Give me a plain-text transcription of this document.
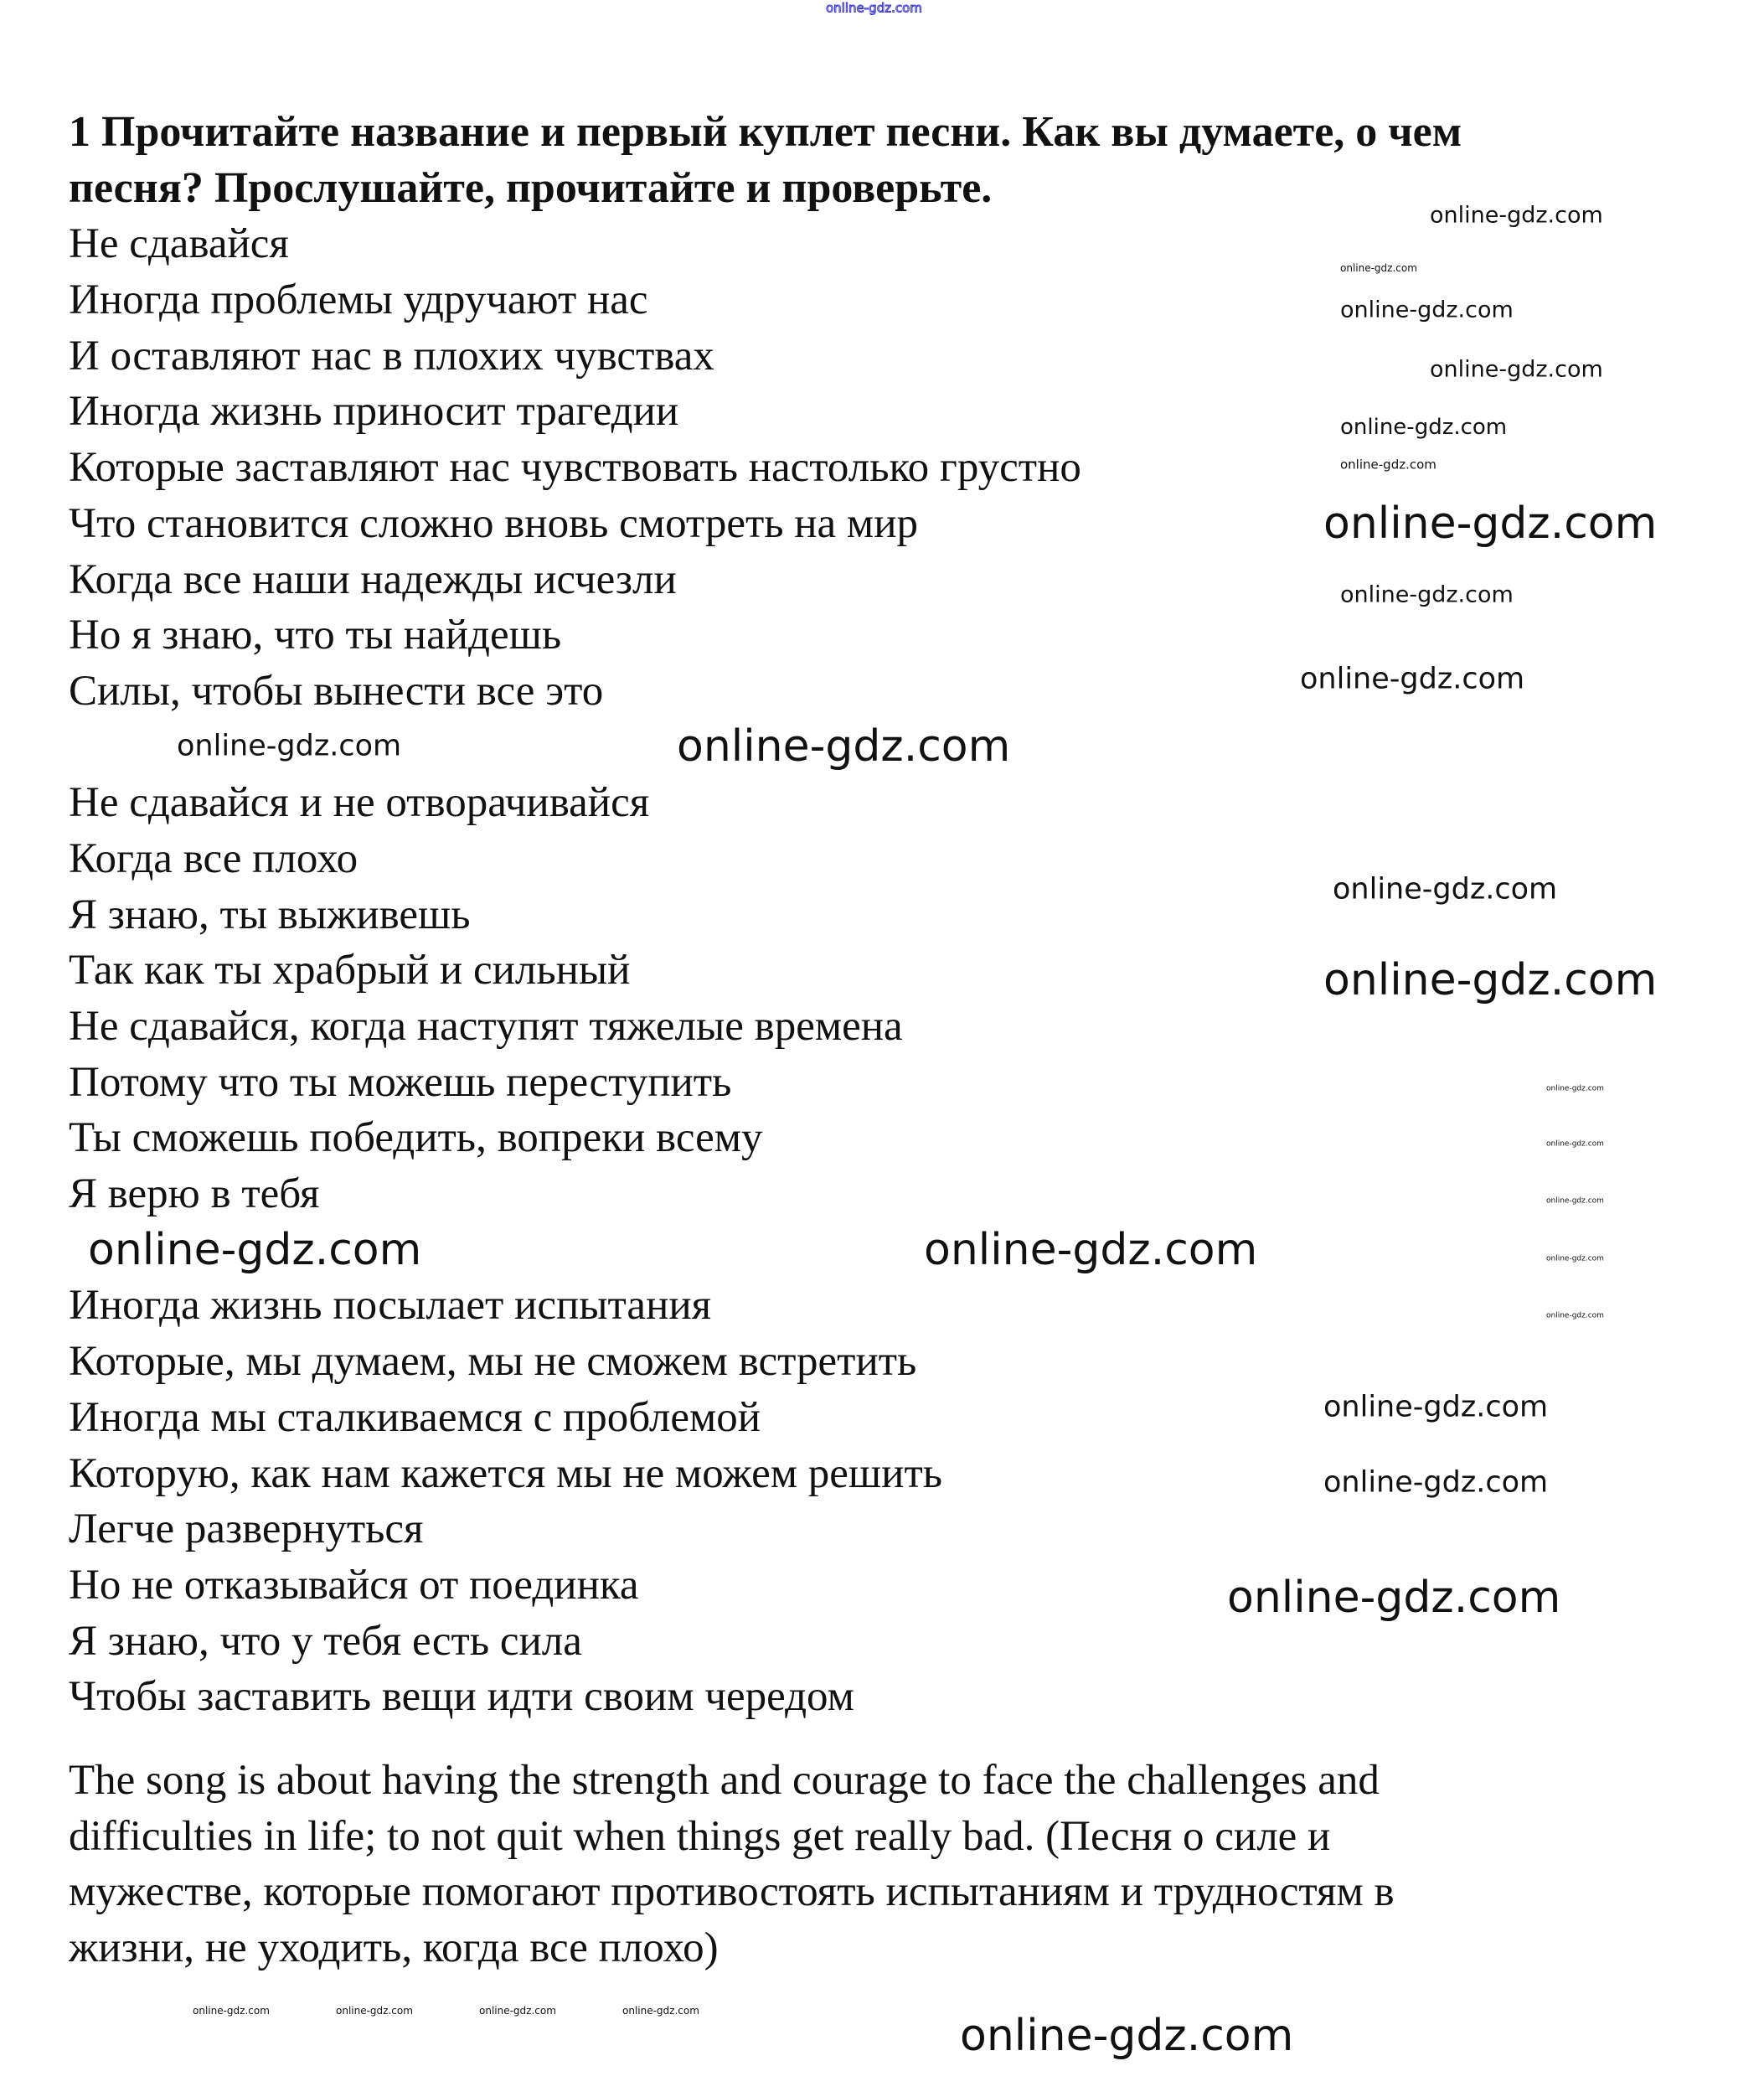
1 Прочитайте название и первый куплет песни. Как вы думаете, о чем
песня? Прослушайте, прочитайте и проверьте.
Не сдавайся
Иногда проблемы удручают нас
И оставляют нас в плохих чувствах
Иногда жизнь приносит трагедии
Которые заставляют нас чувствовать настолько грустно
Что становится сложно вновь смотреть на мир
Когда все наши надежды исчезли
Но я знаю, что ты найдешь
Силы, чтобы вынести все это
Не сдавайся и не отворачивайся
Когда все плохо
Я знаю, ты выживешь
Так как ты храбрый и сильный
Не сдавайся, когда наступят тяжелые времена
Потому что ты можешь переступить
Ты сможешь победить, вопреки всему
Я верю в тебя
Иногда жизнь посылает испытания
Которые, мы думаем, мы не сможем встретить
Иногда мы сталкиваемся с проблемой
Которую, как нам кажется мы не можем решить
Легче развернуться
Но не отказывайся от поединка
Я знаю, что у тебя есть сила
Чтобы заставить вещи идти своим чередом
The song is about having the strength and courage to face the challenges and
difficulties in life; to not quit when things get really bad. (Песня о силе и
мужестве, которые помогают противостоять испытаниям и трудностям в
жизни, не уходить, когда все плохо)
online-gdz.com
online-gdz.com
online-gdz.com
online-gdz.com
online-gdz.com
online-gdz.com
online-gdz.com
online-gdz.com
online-gdz.com
online-gdz.com
online-gdz.com
online-gdz.com
online-gdz.com
online-gdz.com
online-gdz.com
online-gdz.com
online-gdz.com
online-gdz.com
online-gdz.com
online-gdz.com	online-gdz.com
online-gdz.com
online-gdz.com
online-gdz.com
online-gdz.com	online-gdz.com	online-gdz.com	online-gdz.com	online-gdz.com
